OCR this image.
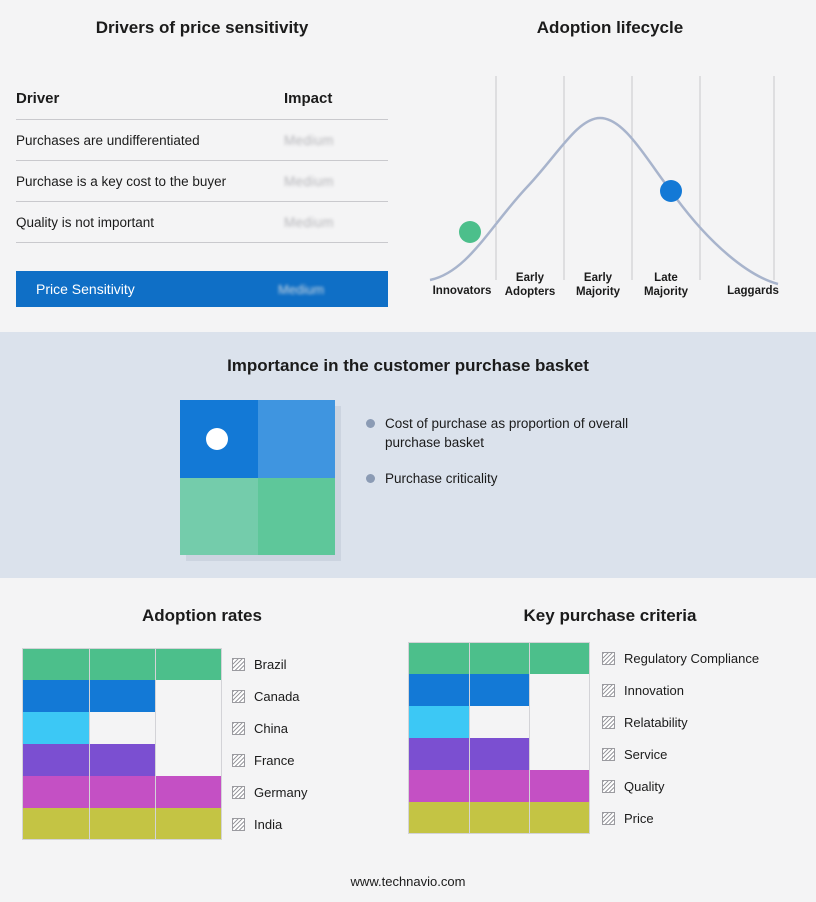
Drivers of price sensitivity
Driver	Impact
Purchases are undifferentiated	Medium
Purchase is a key cost to the buyer	Medium
Quality is not important	Medium
Price Sensitivity	Medium
Adoption lifecycle
Innovators
Early
Adopters
Early
Majority
Late
Majority	Laggards
Importance in the customer purchase basket
Cost of purchase as proportion of overall purchase basket
Purchase criticality
Adoption rates	Key purchase criteria
Brazil
Canada
China
France
Germany
India
Regulatory Compliance
Innovation
Relatability
Service
Quality
Price
www.technavio.com
